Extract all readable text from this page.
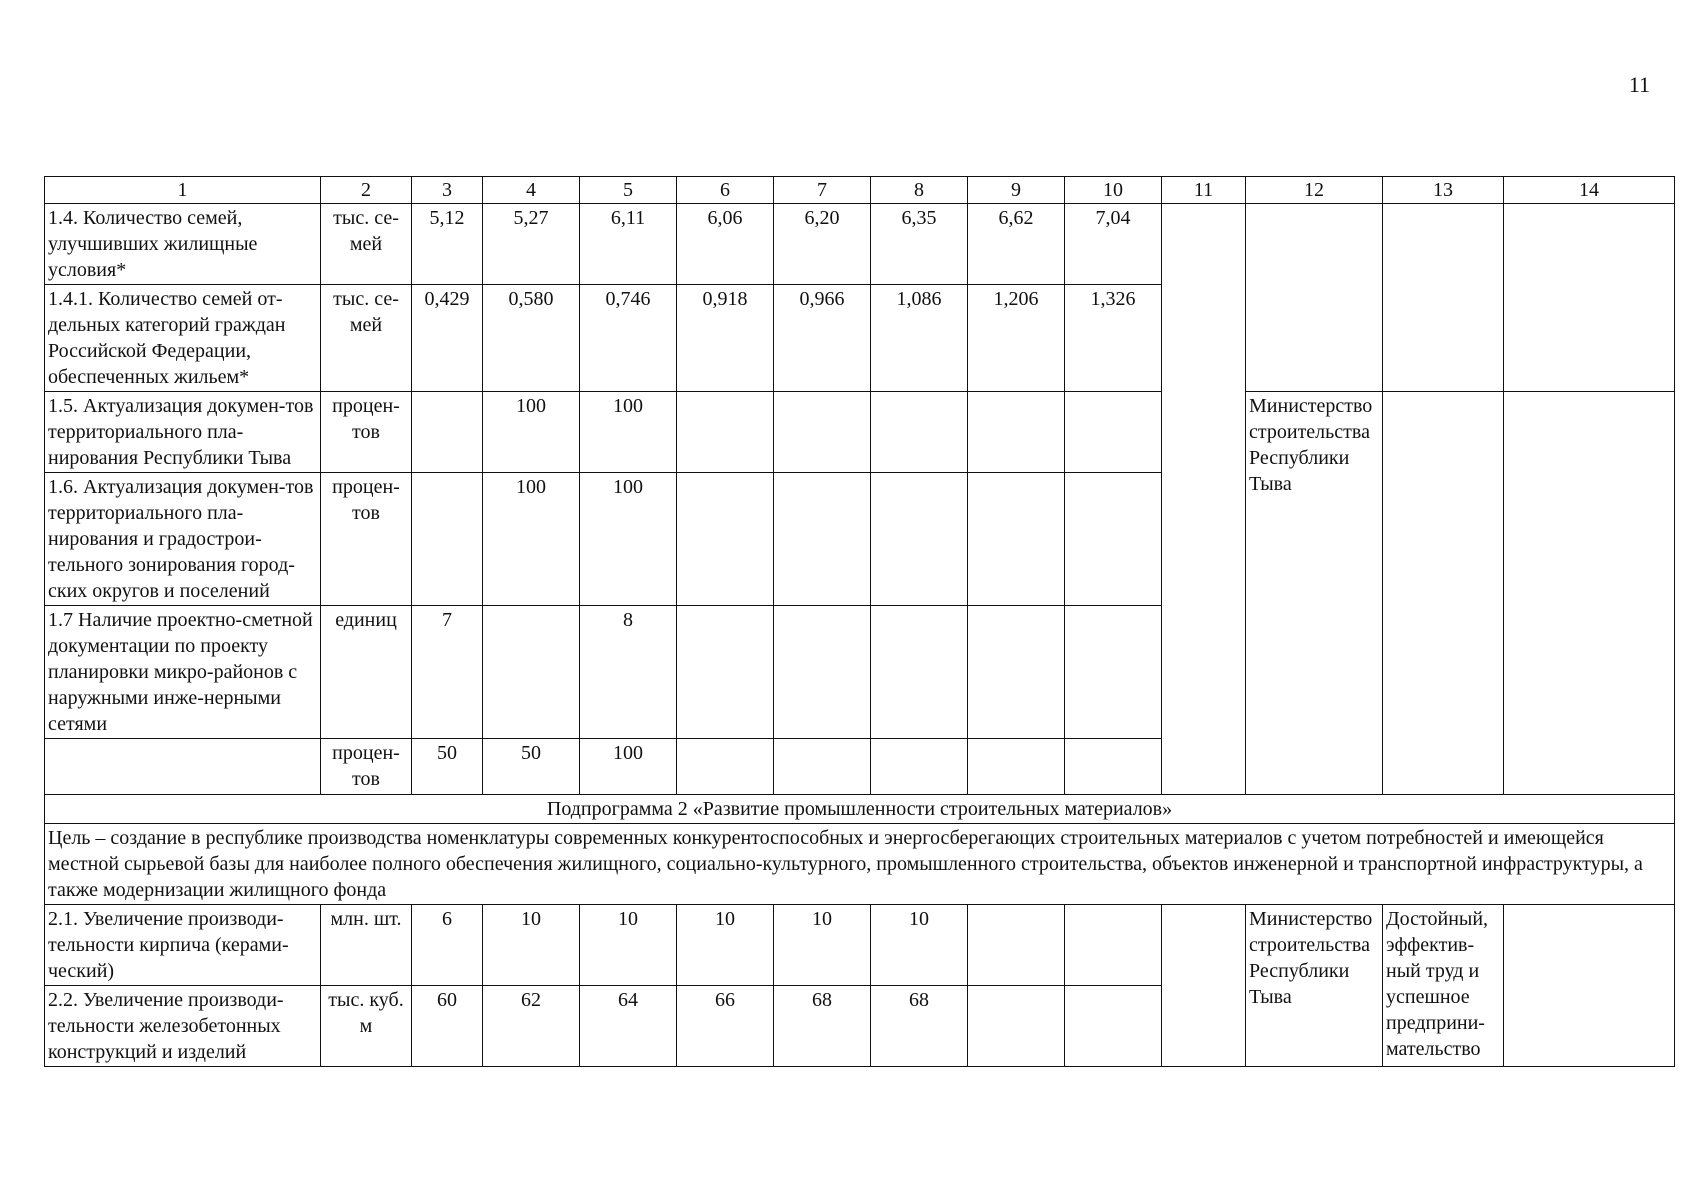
11
1	2	3	4	5	6	7	8	9	10	11	12	13	14	
1.4. Количество семей, улучшивших жилищные условия*	тыс. се-мей	5,12	5,27	6,11	6,06	6,20	6,35	6,62	7,04					
1.4.1. Количество семей от-дельных категорий граждан Российской Федерации, обеспеченных жильем*	тыс. се-мей	0,429	0,580	0,746	0,918	0,966	1,086	1,206	1,326					
1.5. Актуализация докумен-тов территориального пла-нирования Республики Тыва	процен-тов		100	100							Министерство строительства Республики Тыва			
1.6. Актуализация докумен-тов территориального пла-нирования и градострои-тельного зонирования город-ских округов и поселений	процен-тов		100	100										
1.7 Наличие проектно-сметной документации по проекту планировки микро-районов с наружными инже-нерными сетями	единиц	7		8										
	процен-тов	50	50	100										
Подпрограмма 2 «Развитие промышленности строительных материалов»														
Цель – создание в республике производства номенклатуры современных конкурентоспособных и энергосберегающих строительных материалов с учетом потребностей и имеющейся местной сырьевой базы для наиболее полного обеспечения жилищного, социально-культурного, промышленного строительства, объектов инженерной и транспортной инфраструктуры, а также модернизации жилищного фонда														
2.1. Увеличение производи-тельности кирпича (керами-ческий)	млн. шт.	6	10	10	10	10	10				Министерство строительства Республики Тыва	Достойный, эффектив-ный труд и успешное предприни-мательство		
2.2. Увеличение производи-тельности железобетонных конструкций и изделий	тыс. куб. м	60	62	64	66	68	68							
